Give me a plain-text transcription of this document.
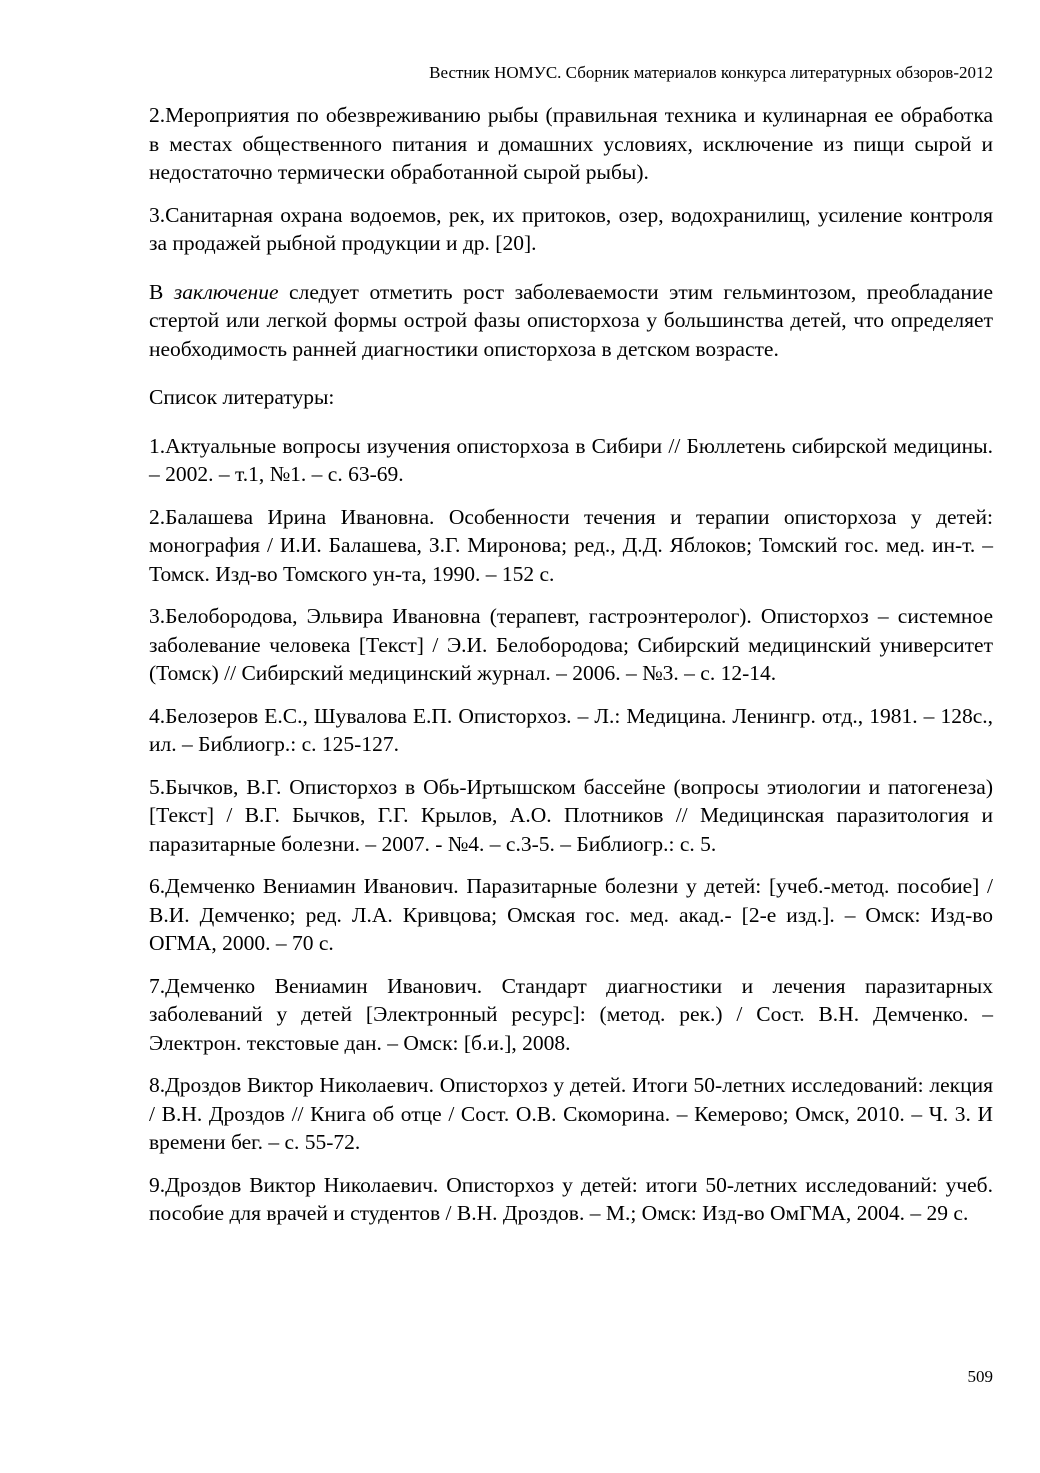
Вестник НОМУС. Сборник материалов конкурса литературных обзоров-2012

2.Мероприятия по обезвреживанию рыбы (правильная техника и кулинарная ее обработка в местах общественного питания и домашних условиях, исключение из пищи сырой и недостаточно термически обработанной сырой рыбы).

3.Санитарная охрана водоемов, рек, их притоков, озер, водохранилищ, усиление контроля за продажей рыбной продукции и др. [20].

В заключение следует отметить рост заболеваемости этим гельминтозом, преобладание стертой или легкой формы острой фазы описторхоза у большинства детей, что определяет необходимость ранней диагностики описторхоза в детском возрасте.

Список литературы:

1.Актуальные вопросы изучения описторхоза в Сибири // Бюллетень сибирской медицины. – 2002. – т.1, №1. – с. 63-69.
2.Балашева Ирина Ивановна. Особенности течения и терапии описторхоза у детей: монография / И.И. Балашева, З.Г. Миронова; ред., Д.Д. Яблоков; Томский гос. мед. ин-т. – Томск. Изд-во Томского ун-та, 1990. – 152 с.
3.Белобородова, Эльвира Ивановна (терапевт, гастроэнтеролог). Описторхоз – системное заболевание человека [Текст] / Э.И. Белобородова; Сибирский медицинский университет (Томск) // Сибирский медицинский журнал. – 2006. – №3. – с. 12-14.
4.Белозеров Е.С., Шувалова Е.П. Описторхоз. – Л.: Медицина. Ленингр. отд., 1981. – 128с., ил. – Библиогр.: с. 125-127.
5.Бычков, В.Г. Описторхоз в Обь-Иртышском бассейне (вопросы этиологии и патогенеза) [Текст] / В.Г. Бычков, Г.Г. Крылов, А.О. Плотников // Медицинская паразитология и паразитарные болезни. – 2007. - №4. – с.3-5. – Библиогр.: с. 5.
6.Демченко Вениамин Иванович. Паразитарные болезни у детей: [учеб.-метод. пособие] / В.И. Демченко; ред. Л.А. Кривцова; Омская гос. мед. акад.- [2-е изд.]. – Омск: Изд-во ОГМА, 2000. – 70 с.
7.Демченко Вениамин Иванович. Стандарт диагностики и лечения паразитарных заболеваний у детей [Электронный ресурс]: (метод. рек.) / Сост. В.Н. Демченко. – Электрон. текстовые дан. – Омск: [б.и.], 2008.
8.Дроздов Виктор Николаевич. Описторхоз у детей. Итоги 50-летних исследований: лекция / В.Н. Дроздов // Книга об отце / Сост. О.В. Скоморина. – Кемерово; Омск, 2010. – Ч. 3. И времени бег. – с. 55-72.
9.Дроздов Виктор Николаевич. Описторхоз у детей: итоги 50-летних исследований: учеб. пособие для врачей и студентов / В.Н. Дроздов. – М.; Омск: Изд-во ОмГМА, 2004. – 29 с.
509
